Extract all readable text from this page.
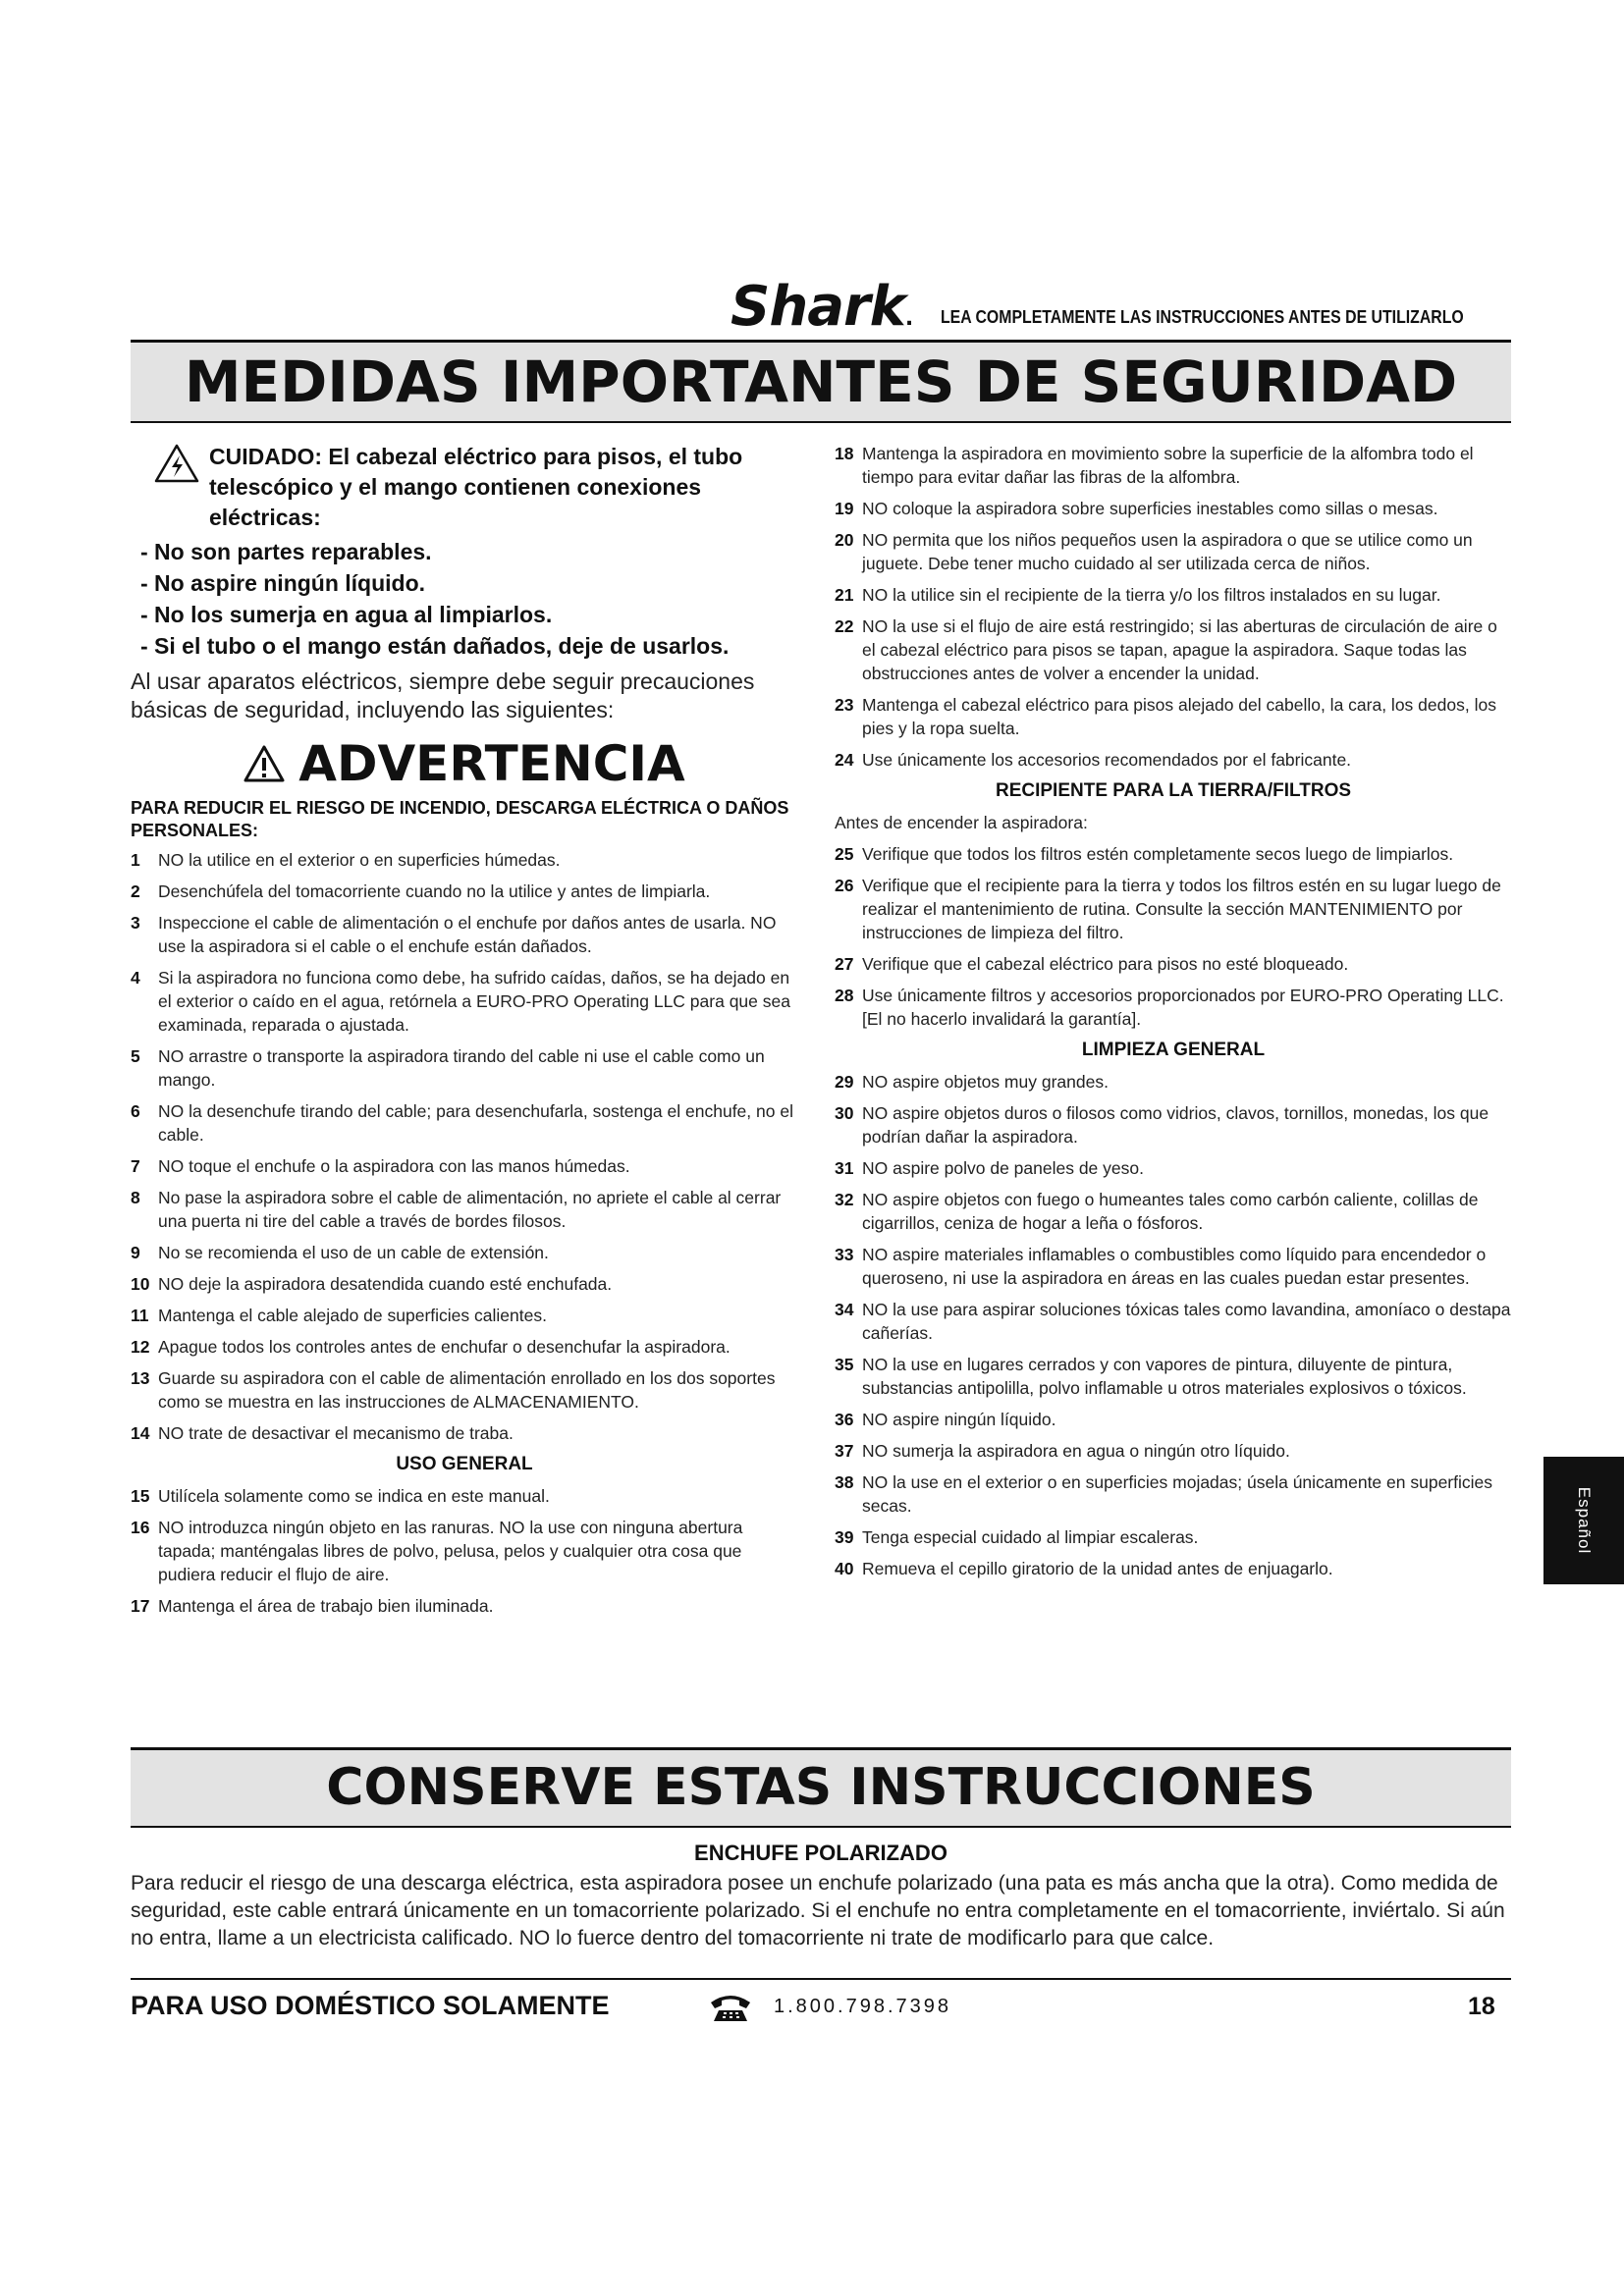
Shark. LEA COMPLETAMENTE LAS INSTRUCCIONES ANTES DE UTILIZARLO
MEDIDAS IMPORTANTES DE SEGURIDAD
CUIDADO: El cabezal eléctrico para pisos, el tubo telescópico y el mango contienen conexiones eléctricas:
- No son partes reparables.
- No aspire ningún líquido.
- No los sumerja en agua al limpiarlos.
- Si el tubo o el mango están dañados, deje de usarlos.

Al usar aparatos eléctricos, siempre debe seguir precauciones básicas de seguridad, incluyendo las siguientes:

ADVERTENCIA

PARA REDUCIR EL RIESGO DE INCENDIO, DESCARGA ELÉCTRICA O DAÑOS PERSONALES:

1 NO la utilice en el exterior o en superficies húmedas.
2 Desenchúfela del tomacorriente cuando no la utilice y antes de limpiarla.
3 Inspeccione el cable de alimentación o el enchufe por daños antes de usarla. NO use la aspiradora si el cable o el enchufe están dañados.
4 Si la aspiradora no funciona como debe, ha sufrido caídas, daños, se ha dejado en el exterior o caído en el agua, retórnela a EURO-PRO Operating LLC para que sea examinada, reparada o ajustada.
5 NO arrastre o transporte la aspiradora tirando del cable ni use el cable como un mango.
6 NO la desenchufe tirando del cable; para desenchufarla, sostenga el enchufe, no el cable.
7 NO toque el enchufe o la aspiradora con las manos húmedas.
8 No pase la aspiradora sobre el cable de alimentación, no apriete el cable al cerrar una puerta ni tire del cable a través de bordes filosos.
9 No se recomienda el uso de un cable de extensión.
10 NO deje la aspiradora desatendida cuando esté enchufada.
11 Mantenga el cable alejado de superficies calientes.
12 Apague todos los controles antes de enchufar o desenchufar la aspiradora.
13 Guarde su aspiradora con el cable de alimentación enrollado en los dos soportes como se muestra en las instrucciones de ALMACENAMIENTO.
14 NO trate de desactivar el mecanismo de traba.
USO GENERAL
15 Utilícela solamente como se indica en este manual.
16 NO introduzca ningún objeto en las ranuras. NO la use con ninguna abertura tapada; manténgalas libres de polvo, pelusa, pelos y cualquier otra cosa que pudiera reducir el flujo de aire.
17 Mantenga el área de trabajo bien iluminada.
18 Mantenga la aspiradora en movimiento sobre la superficie de la alfombra todo el tiempo para evitar dañar las fibras de la alfombra.
19 NO coloque la aspiradora sobre superficies inestables como sillas o mesas.
20 NO permita que los niños pequeños usen la aspiradora o que se utilice como un juguete. Debe tener mucho cuidado al ser utilizada cerca de niños.
21 NO la utilice sin el recipiente de la tierra y/o los filtros instalados en su lugar.
22 NO la use si el flujo de aire está restringido; si las aberturas de circulación de aire o el cabezal eléctrico para pisos se tapan, apague la aspiradora. Saque todas las obstrucciones antes de volver a encender la unidad.
23 Mantenga el cabezal eléctrico para pisos alejado del cabello, la cara, los dedos, los pies y la ropa suelta.
24 Use únicamente los accesorios recomendados por el fabricante.
RECIPIENTE PARA LA TIERRA/FILTROS

Antes de encender la aspiradora:

25 Verifique que todos los filtros estén completamente secos luego de limpiarlos.
26 Verifique que el recipiente para la tierra y todos los filtros estén en su lugar luego de realizar el mantenimiento de rutina. Consulte la sección MANTENIMIENTO por instrucciones de limpieza del filtro.
27 Verifique que el cabezal eléctrico para pisos no esté bloqueado.
28 Use únicamente filtros y accesorios proporcionados por EURO-PRO Operating LLC. [El no hacerlo invalidará la garantía].
LIMPIEZA GENERAL
29 NO aspire objetos muy grandes.
30 NO aspire objetos duros o filosos como vidrios, clavos, tornillos, monedas, los que podrían dañar la aspiradora.
31 NO aspire polvo de paneles de yeso.
32 NO aspire objetos con fuego o humeantes tales como carbón caliente, colillas de cigarrillos, ceniza de hogar a leña o fósforos.
33 NO aspire materiales inflamables o combustibles como líquido para encendedor o queroseno, ni use la aspiradora en áreas en las cuales puedan estar presentes.
34 NO la use para aspirar soluciones tóxicas tales como lavandina, amoníaco o destapa cañerías.
35 NO la use en lugares cerrados y con vapores de pintura, diluyente de pintura, substancias antipolilla, polvo inflamable u otros materiales explosivos o tóxicos.
36 NO aspire ningún líquido.
37 NO sumerja la aspiradora en agua o ningún otro líquido.
38 NO la use en el exterior o en superficies mojadas; úsela únicamente en superficies secas.
39 Tenga especial cuidado al limpiar escaleras.
40 Remueva el cepillo giratorio de la unidad antes de enjuagarlo.
CONSERVE ESTAS INSTRUCCIONES
ENCHUFE POLARIZADO
Para reducir el riesgo de una descarga eléctrica, esta aspiradora posee un enchufe polarizado (una pata es más ancha que la otra). Como medida de seguridad, este cable entrará únicamente en un tomacorriente polarizado. Si el enchufe no entra completamente en el tomacorriente, inviértalo. Si aún no entra, llame a un electricista calificado. NO lo fuerce dentro del tomacorriente ni trate de modificarlo para que calce.
PARA USO DOMÉSTICO SOLAMENTE	1.800.798.7398	18
Español
